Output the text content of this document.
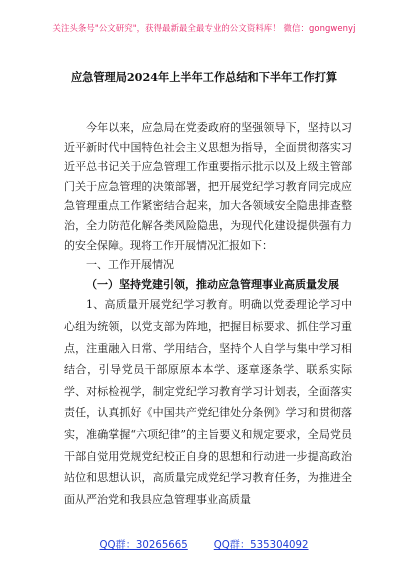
关注头条号"公文研究"，获得最新最全最专业的公文资料库！ 微信：gongwenyj
应急管理局2024年上半年工作总结和下半年工作打算

今年以来，应急局在党委政府的坚强领导下，坚持以习近平新时代中国特色社会主义思想为指导，全面贯彻落实习近平总书记关于应急管理工作重要指示批示以及上级主管部门关于应急管理的决策部署，把开展党纪学习教育同完成应急管理重点工作紧密结合起来，加大各领域安全隐患排查整治，全力防范化解各类风险隐患，为现代化建设提供强有力的安全保障。现将工作开展情况汇报如下：

一、工作开展情况

（一）坚持党建引领，推动应急管理事业高质量发展

1、高质量开展党纪学习教育。明确以党委理论学习中心组为统领，以党支部为阵地，把握目标要求、抓住学习重点，注重融入日常、学用结合，坚持个人自学与集中学习相结合，引导党员干部原原本本学、逐章逐条学、联系实际学、对标检视学，制定党纪学习教育学习计划表，全面落实责任，认真抓好《中国共产党纪律处分条例》学习和贯彻落实，准确掌握“六项纪律”的主旨要义和规定要求，全局党员干部自觉用党规党纪校正自身的思想和行动进一步提高政治站位和思想认识，高质量完成党纪学习教育任务，为推进全面从严治党和我县应急管理事业高质量

QQ群：30265665	QQ群：535304092
